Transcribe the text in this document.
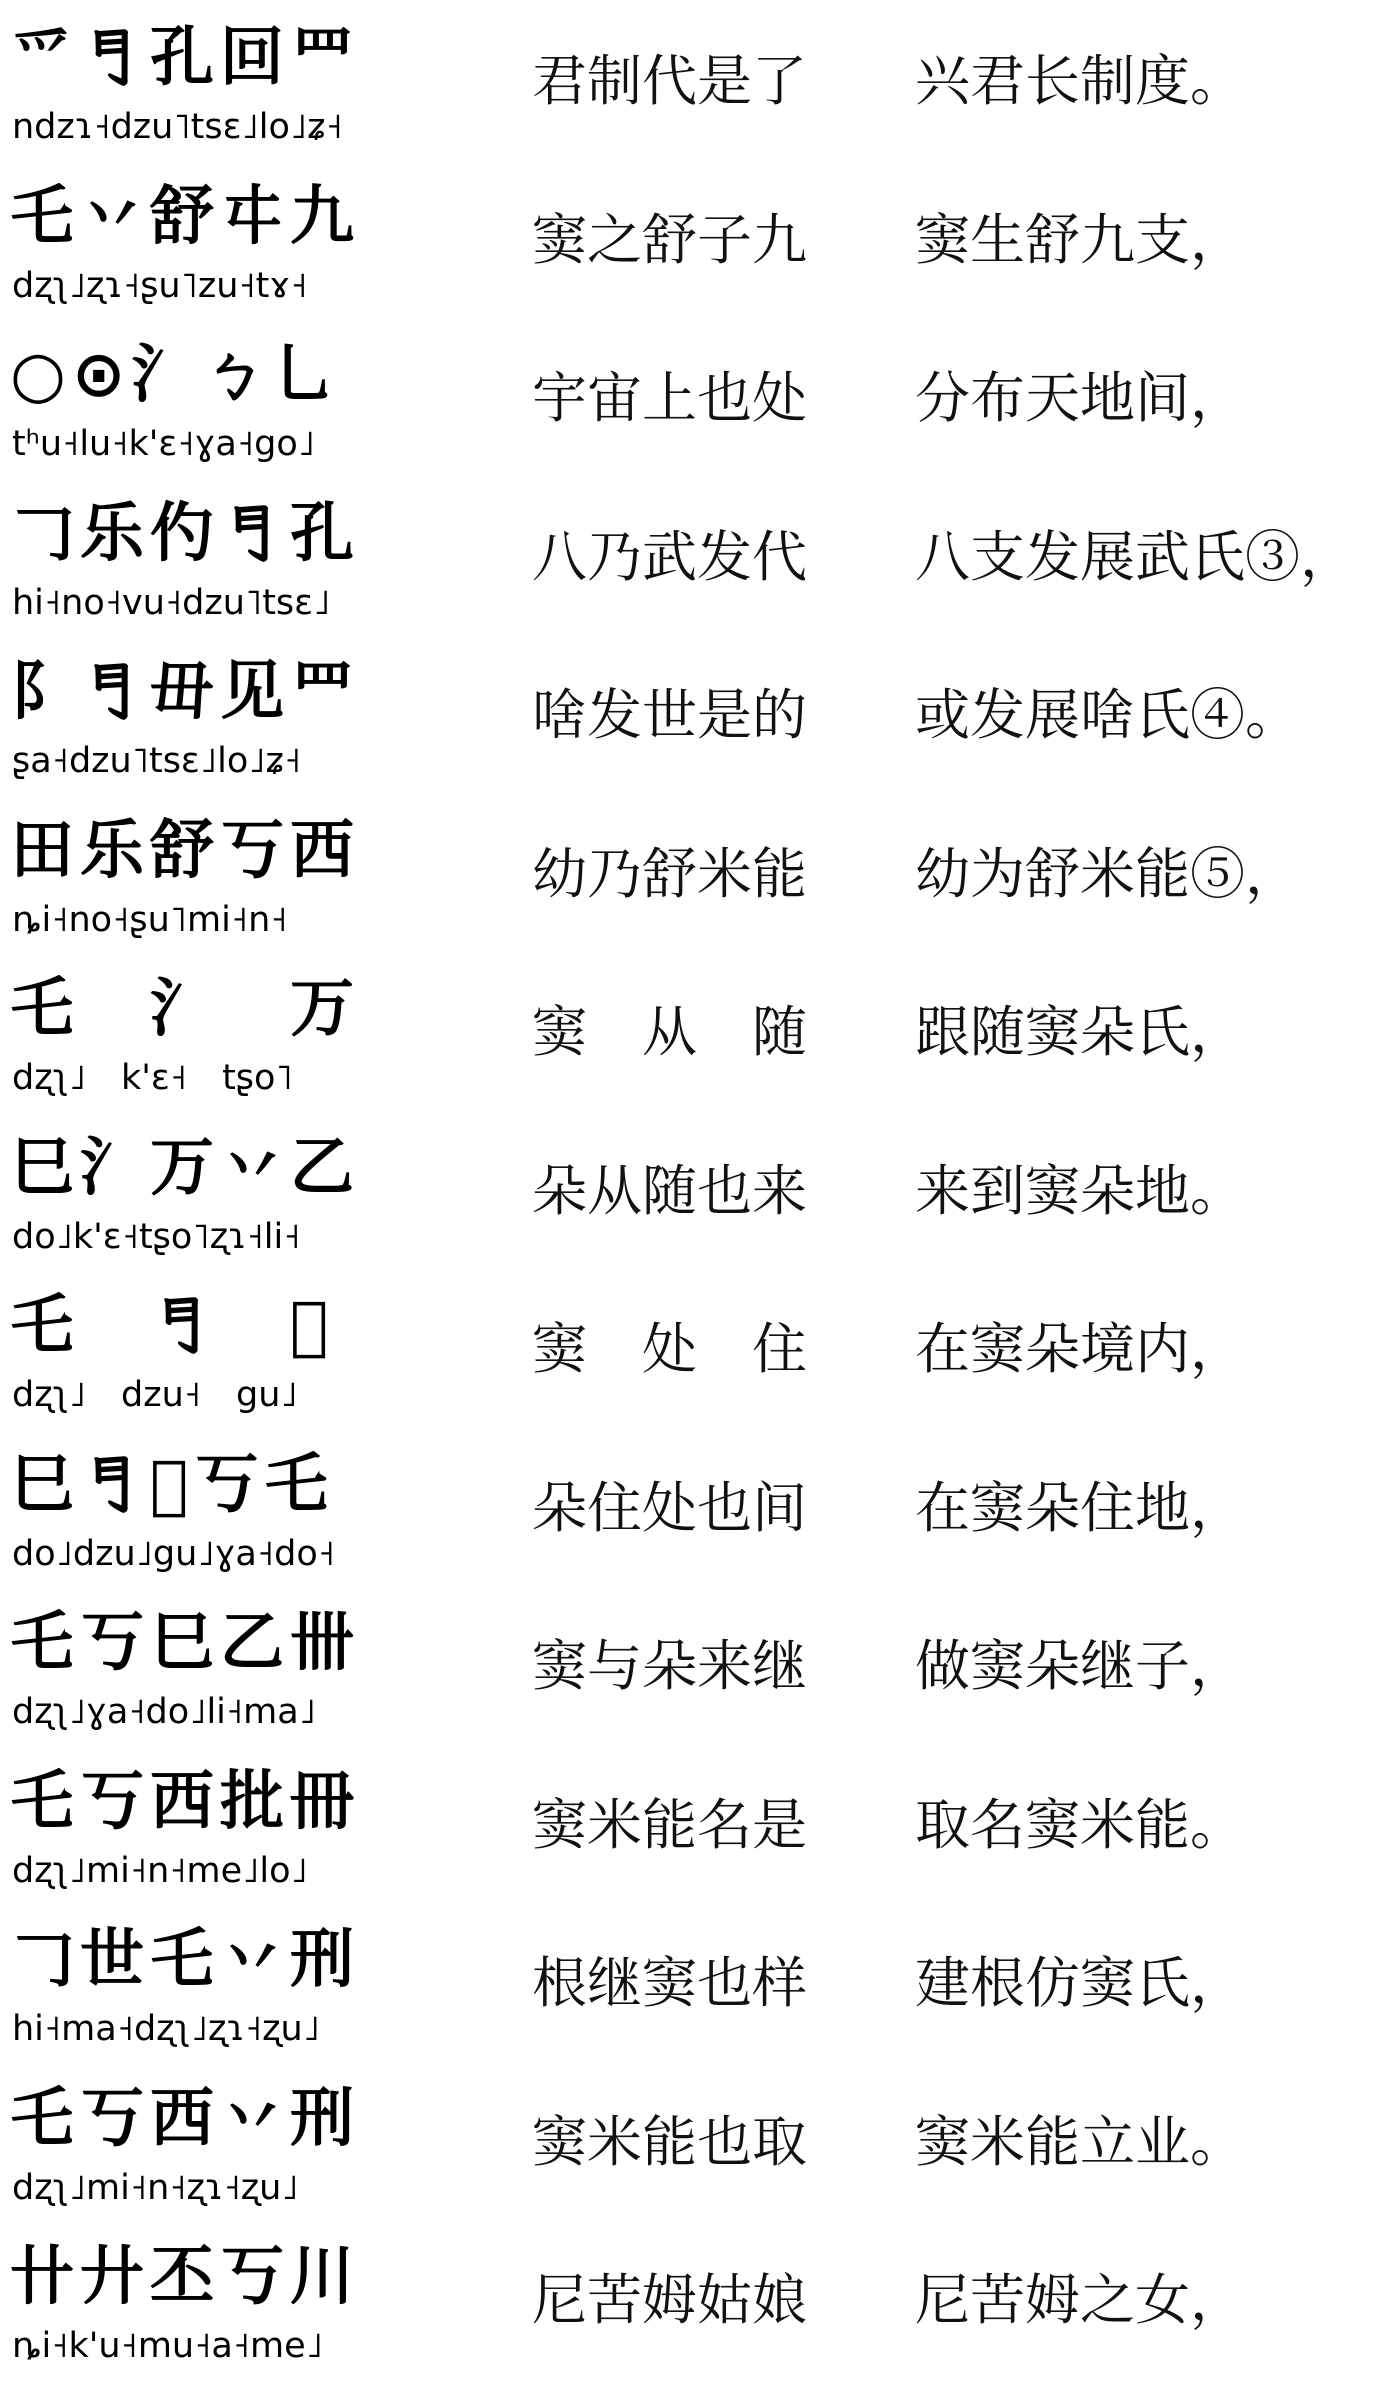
爫𠃛孔回罒
ndzɿ˧dzu˥tsɛ˩lo˩ʑ˧
君制代是了	兴君长制度。
乇丷舒㐄九
dʐʅ˩ʐɿ˧ʂu˥zu˧tɤ˧
窦之舒子九	窦生舒九支，
○⊙氵ㄅ乚
tʰu˧lu˧k'ɛ˧ɣa˧go˩
宇宙上也处	分布天地间，
𠃌乐仢𠃛孔
hi˧no˧vu˧dzu˥tsɛ˩
八乃武发代	八支发展武氏③，
阝𠃛毌见罒
ʂa˧dzu˥tsɛ˩lo˩ʑ˧
啥发世是的	或发展啥氏④。
田乐舒丂西
ȵi˧no˧ʂu˥mi˧n˧
幼乃舒米能	幼为舒米能⑤，
乇　氵　万
dʐʅ˩　k'ɛ˧　tʂo˥
窦　从　随	跟随窦朵氏，
巳氵万丷乙
do˩k'ɛ˧tʂo˥ʐɿ˧li˧
朵从随也来	来到窦朵地。
乇　𠃛　𠀉
dʐʅ˩　dzu˧　gu˩
窦　处　住	在窦朵境内，
巳𠃛𠀉丂乇
do˩dzu˩gu˩ɣa˧do˧
朵住处也间	在窦朵住地，
乇丂巳乙卌
dʐʅ˩ɣa˧do˩li˧ma˩
窦与朵来继	做窦朵继子，
乇丂西批冊
dʐʅ˩mi˧n˧me˩lo˩
窦米能名是	取名窦米能。
𠃌世乇丷刑
hi˧ma˧dʐʅ˩ʐɿ˧ʐu˩
根继窦也样	建根仿窦氏，
乇丂西丷刑
dʐʅ˩mi˧n˧ʐɿ˧ʐu˩
窦米能也取	窦米能立业。
卄廾丕丂川
ȵi˧k'u˧mu˧a˧me˩
尼苦姆姑娘	尼苦姆之女，
